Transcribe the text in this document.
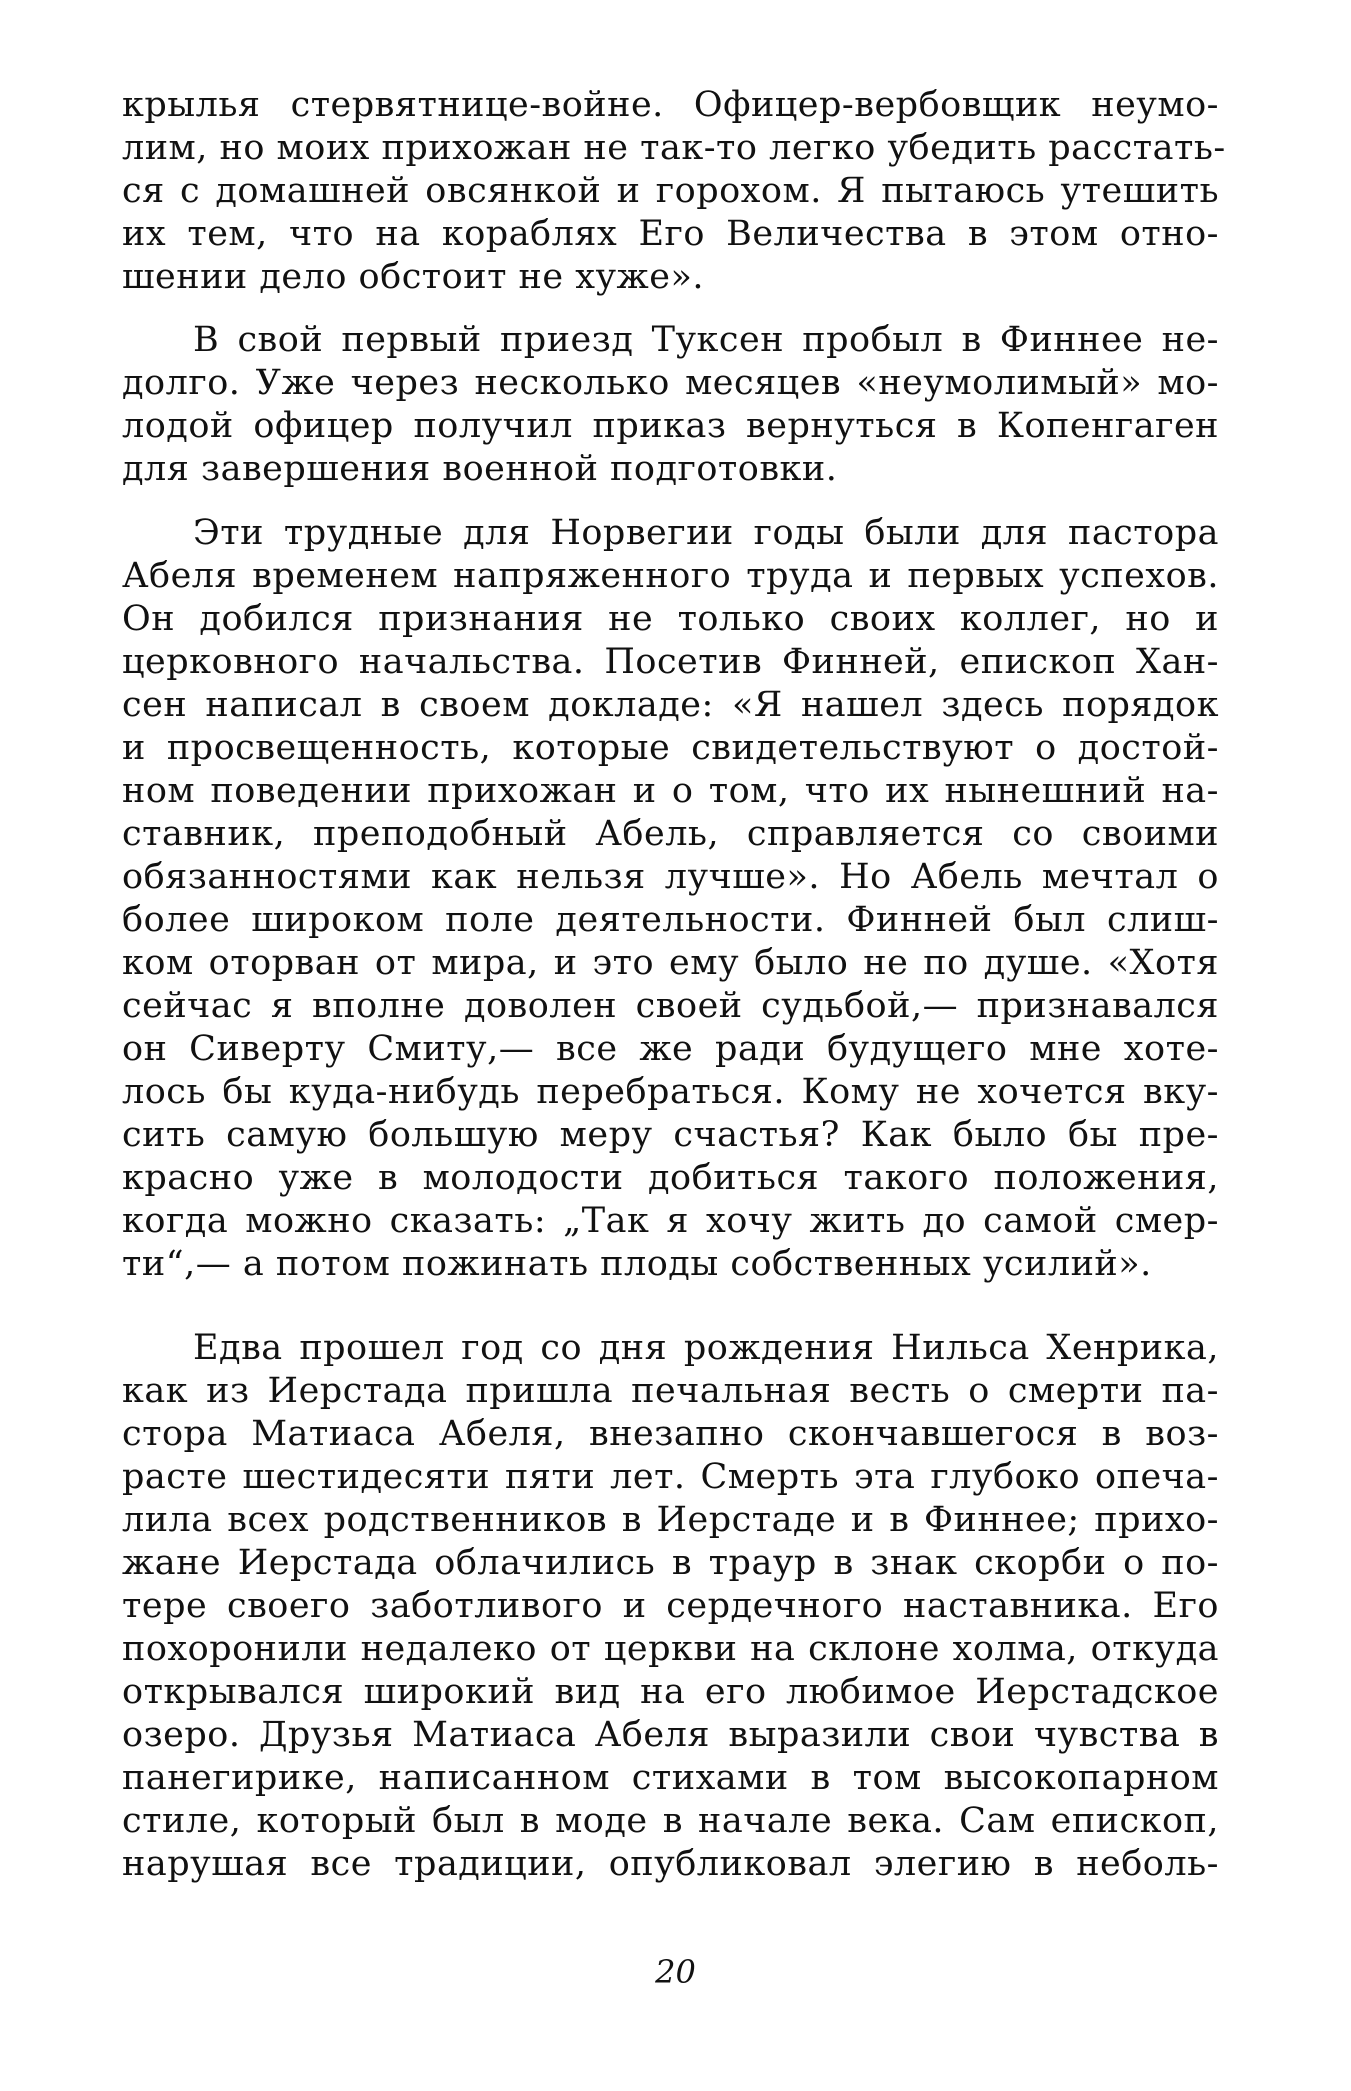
крылья стервятнице-войне. Офицер-вербовщик неумо-
лим, но моих прихожан не так-то легко убедить расстать-
ся с домашней овсянкой и горохом. Я пытаюсь утешить
их тем, что на кораблях Его Величества в этом отно-
шении дело обстоит не хуже».
В свой первый приезд Туксен пробыл в Финнее не-
долго. Уже через несколько месяцев «неумолимый» мо-
лодой офицер получил приказ вернуться в Копенгаген
для завершения военной подготовки.
Эти трудные для Норвегии годы были для пастора
Абеля временем напряженного труда и первых успехов.
Он добился признания не только своих коллег, но и
церковного начальства. Посетив Финней, епископ Хан-
сен написал в своем докладе: «Я нашел здесь порядок
и просвещенность, которые свидетельствуют о достой-
ном поведении прихожан и о том, что их нынешний на-
ставник, преподобный Абель, справляется со своими
обязанностями как нельзя лучше». Но Абель мечтал о
более широком поле деятельности. Финней был слиш-
ком оторван от мира, и это ему было не по душе. «Хотя
сейчас я вполне доволен своей судьбой,— признавался
он Сиверту Смиту,— все же ради будущего мне хоте-
лось бы куда-нибудь перебраться. Кому не хочется вку-
сить самую большую меру счастья? Как было бы пре-
красно уже в молодости добиться такого положения,
когда можно сказать: „Так я хочу жить до самой смер-
ти“,— а потом пожинать плоды собственных усилий».
Едва прошел год со дня рождения Нильса Хенрика,
как из Иерстада пришла печальная весть о смерти па-
стора Матиаса Абеля, внезапно скончавшегося в воз-
расте шестидесяти пяти лет. Смерть эта глубоко опеча-
лила всех родственников в Иерстаде и в Финнее; прихо-
жане Иерстада облачились в траур в знак скорби о по-
тере своего заботливого и сердечного наставника. Его
похоронили недалеко от церкви на склоне холма, откуда
открывался широкий вид на его любимое Иерстадское
озеро. Друзья Матиаса Абеля выразили свои чувства в
панегирике, написанном стихами в том высокопарном
стиле, который был в моде в начале века. Сам епископ,
нарушая все традиции, опубликовал элегию в неболь-
20
